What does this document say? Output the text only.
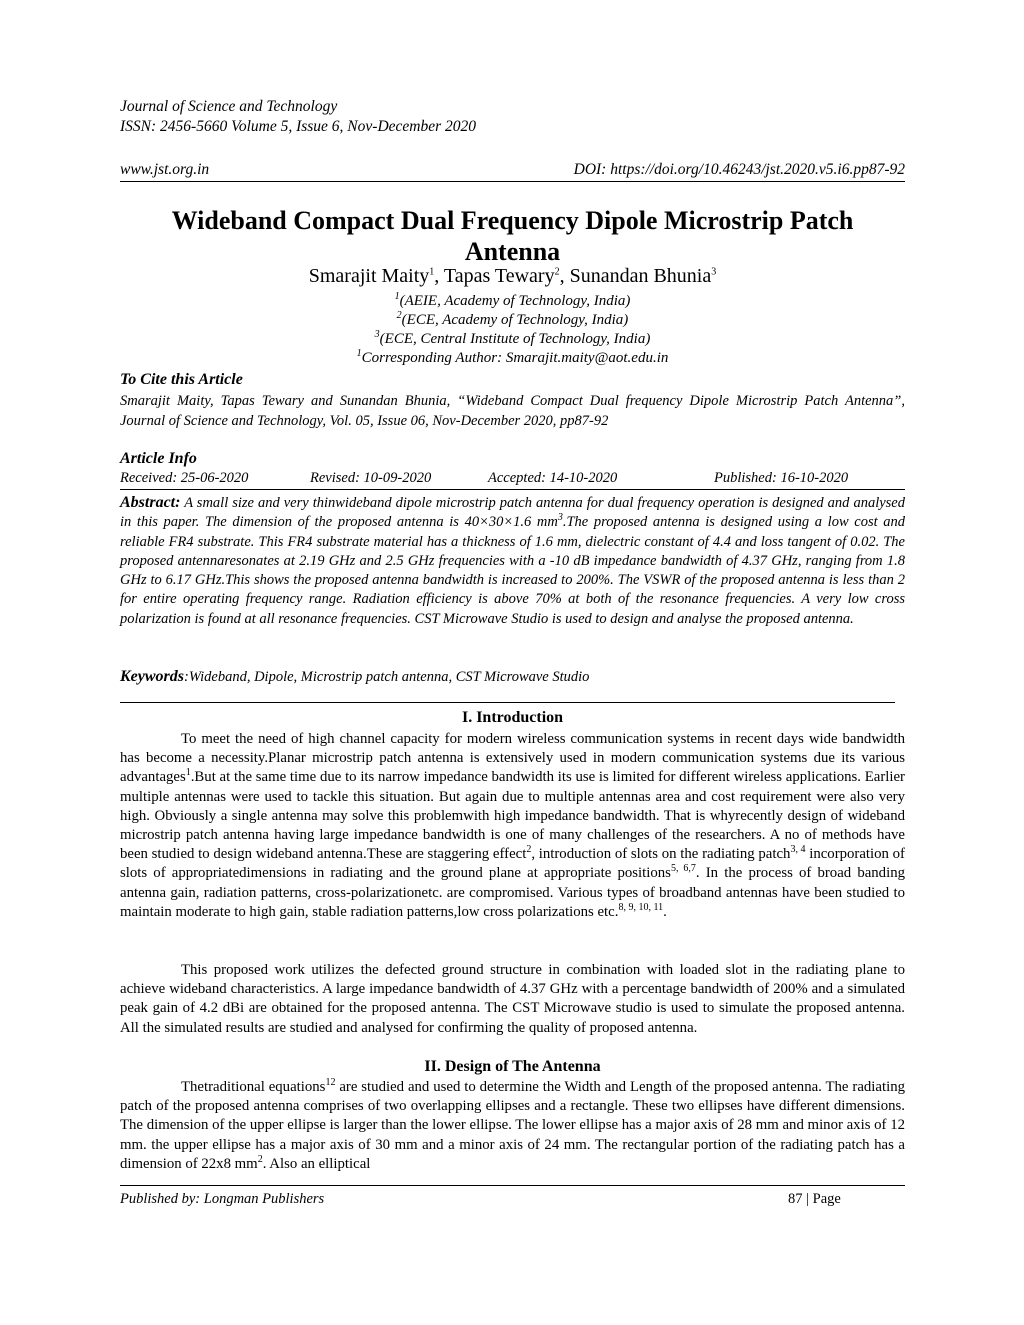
Journal of Science and Technology
ISSN: 2456-5660 Volume 5, Issue 6, Nov-December 2020
www.jst.org.in	DOI: https://doi.org/10.46243/jst.2020.v5.i6.pp87-92
Wideband Compact Dual Frequency Dipole Microstrip Patch
Antenna
Smarajit Maity$^1$, Tapas Tewary$^2$, Sunandan Bhunia$^3$
$^1$(AEIE, Academy of Technology, India)
$^2$(ECE, Academy of Technology, India)
$^3$(ECE, Central Institute of Technology, India)
$^1$Corresponding Author: Smarajit.maity@aot.edu.in
To Cite this Article
Smarajit Maity, Tapas Tewary and Sunandan Bhunia, “Wideband Compact Dual frequency Dipole Microstrip Patch Antenna”, Journal of Science and Technology, Vol. 05, Issue 06, Nov-December 2020, pp87-92
Article Info
Received: 25-06-2020	Revised: 10-09-2020	Accepted: 14-10-2020	Published: 16-10-2020
Abstract: A small size and very thinwideband dipole microstrip patch antenna for dual frequency operation is designed and analysed in this paper. The dimension of the proposed antenna is 40×30×1.6 $mm^3.The$ proposed antenna is designed using a low cost and reliable FR4 substrate. This FR4 substrate material has a thickness of 1.6 mm, dielectric constant of 4.4 and loss tangent of 0.02. The proposed antennaresonates at 2.19 GHz and 2.5 GHz frequencies with a -10 dB impedance bandwidth of 4.37 GHz, ranging from 1.8 GHz to 6.17 GHz.This shows the proposed antenna bandwidth is increased to 200%. The VSWR of the proposed antenna is less than 2 for entire operating frequency range. Radiation efficiency is above 70% at both of the resonance frequencies. A very low cross polarization is found at all resonance frequencies. CST Microwave Studio is used to design and analyse the proposed antenna.
Keywords:Wideband, Dipole, Microstrip patch antenna, CST Microwave Studio
I. Introduction
To meet the need of high channel capacity for modern wireless communication systems in recent days wide bandwidth has become a necessity.Planar microstrip patch antenna is extensively used in modern communication systems due its various advantages$^1$.But at the same time due to its narrow impedance bandwidth its use is limited for different wireless applications. Earlier multiple antennas were used to tackle this situation. But again due to multiple antennas area and cost requirement were also very high. Obviously a single antenna may solve this problemwith high impedance bandwidth. That is whyrecently design of wideband microstrip patch antenna having large impedance bandwidth is one of many challenges of the researchers. A no of methods have been studied to design wideband antenna.These are staggering effect$^2$, introduction of slots on the radiating patch$^{3, 4}$ incorporation of slots of appropriatedimensions in radiating and the ground plane at appropriate positions$^{5, 6,7}$. In the process of broad banding antenna gain, radiation patterns, cross-polarizationetc. are compromised. Various types of broadband antennas have been studied to maintain moderate to high gain, stable radiation patterns,low cross polarizations etc.$^{8, 9, 10, 11}$.
This proposed work utilizes the defected ground structure in combination with loaded slot in the radiating plane to achieve wideband characteristics. A large impedance bandwidth of 4.37 GHz with a percentage bandwidth of 200% and a simulated peak gain of 4.2 dBi are obtained for the proposed antenna. The CST Microwave studio is used to simulate the proposed antenna. All the simulated results are studied and analysed for confirming the quality of proposed antenna.
II. Design of The Antenna
Thetraditional equations$^{12}$ are studied and used to determine the Width and Length of the proposed antenna. The radiating patch of the proposed antenna comprises of two overlapping ellipses and a rectangle. These two ellipses have different dimensions. The dimension of the upper ellipse is larger than the lower ellipse. The lower ellipse has a major axis of 28 mm and minor axis of 12 mm. the upper ellipse has a major axis of 30 mm and a minor axis of 24 mm. The rectangular portion of the radiating patch has a dimension of 22x8 $mm^2$. Also an elliptical
Published by: Longman Publishers	87 | Page
